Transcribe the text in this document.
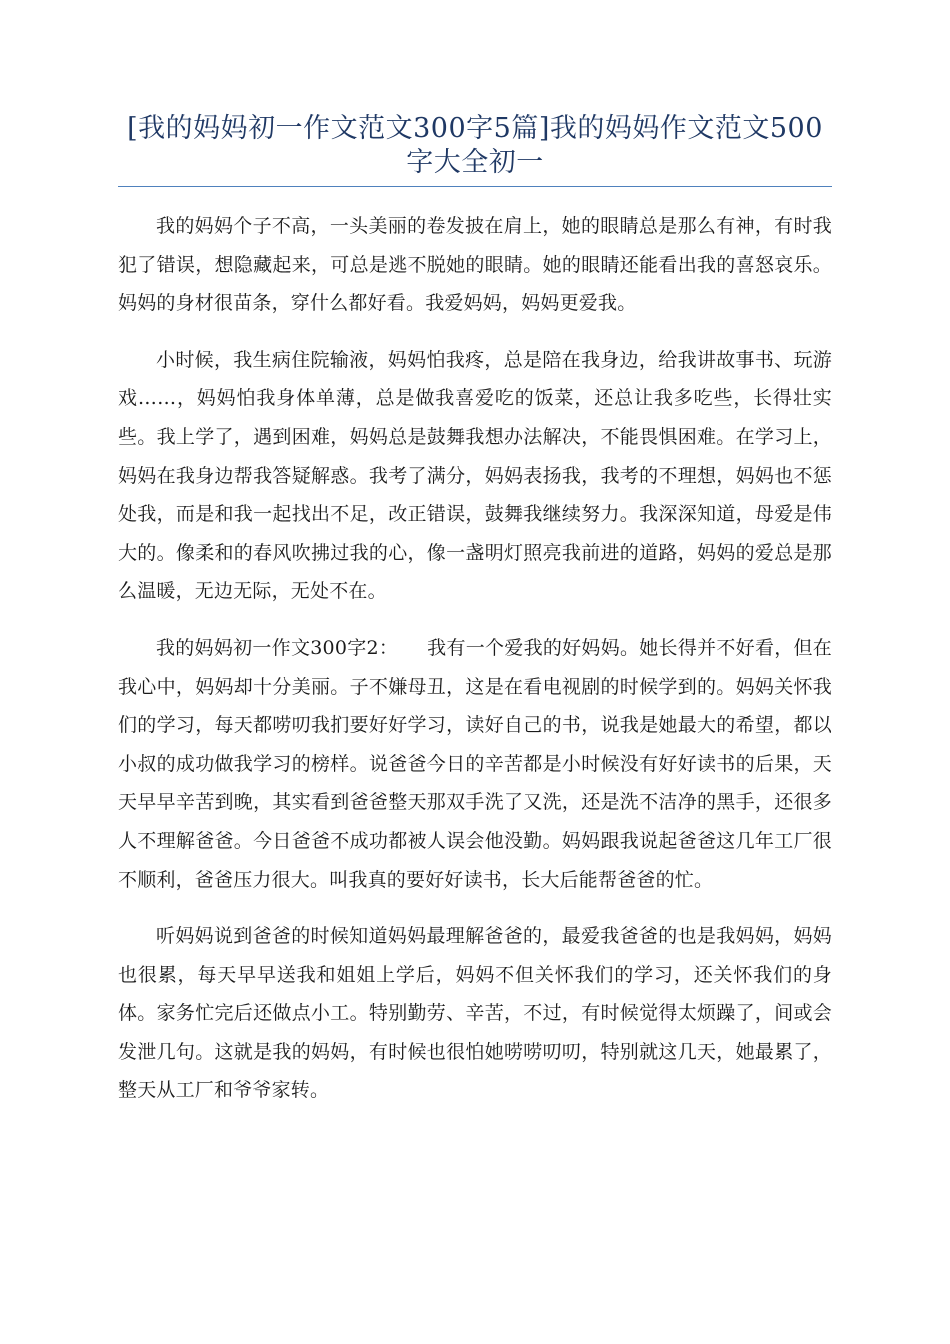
[我的妈妈初一作文范文300字5篇]我的妈妈作文范文500字大全初一

我的妈妈个子不高，一头美丽的卷发披在肩上，她的眼睛总是那么有神，有时我犯了错误，想隐藏起来，可总是逃不脱她的眼睛。她的眼睛还能看出我的喜怒哀乐。妈妈的身材很苗条，穿什么都好看。我爱妈妈，妈妈更爱我。

小时候，我生病住院输液，妈妈怕我疼，总是陪在我身边，给我讲故事书、玩游戏……，妈妈怕我身体单薄，总是做我喜爱吃的饭菜，还总让我多吃些，长得壮实些。我上学了，遇到困难，妈妈总是鼓舞我想办法解决，不能畏惧困难。在学习上，妈妈在我身边帮我答疑解惑。我考了满分，妈妈表扬我，我考的不理想，妈妈也不惩处我，而是和我一起找出不足，改正错误，鼓舞我继续努力。我深深知道，母爱是伟大的。像柔和的春风吹拂过我的心，像一盏明灯照亮我前进的道路，妈妈的爱总是那么温暖，无边无际，无处不在。

我的妈妈初一作文300字2：　　我有一个爱我的好妈妈。她长得并不好看，但在我心中，妈妈却十分美丽。子不嫌母丑，这是在看电视剧的时候学到的。妈妈关怀我们的学习，每天都唠叨我扪要好好学习，读好自己的书，说我是她最大的希望，都以小叔的成功做我学习的榜样。说爸爸今日的辛苦都是小时候没有好好读书的后果，天天早早辛苦到晚，其实看到爸爸整天那双手洗了又洗，还是洗不洁净的黑手，还很多人不理解爸爸。今日爸爸不成功都被人误会他没勤。妈妈跟我说起爸爸这几年工厂很不顺利，爸爸压力很大。叫我真的要好好读书，长大后能帮爸爸的忙。

听妈妈说到爸爸的时候知道妈妈最理解爸爸的，最爱我爸爸的也是我妈妈，妈妈也很累，每天早早送我和姐姐上学后，妈妈不但关怀我们的学习，还关怀我们的身体。家务忙完后还做点小工。特别勤劳、辛苦，不过，有时候觉得太烦躁了，间或会发泄几句。这就是我的妈妈，有时候也很怕她唠唠叨叨，特别就这几天，她最累了，整天从工厂和爷爷家转。
